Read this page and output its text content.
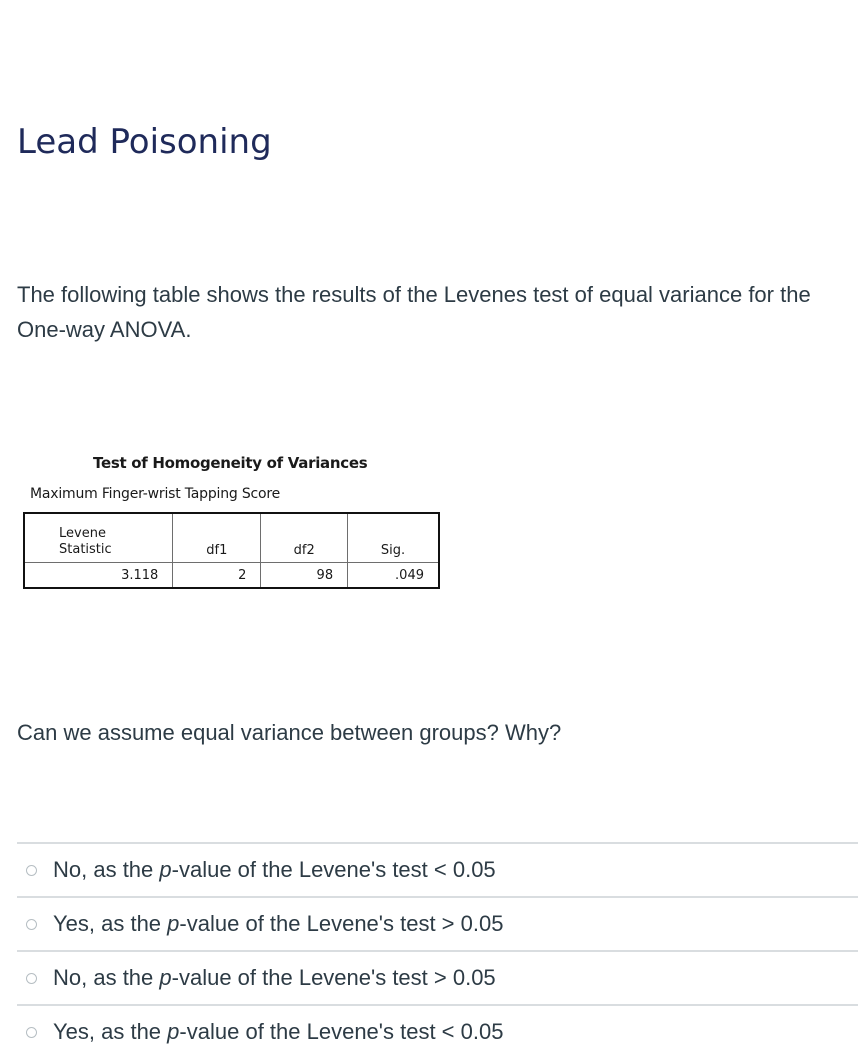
Lead Poisoning

The following table shows the results of the Levenes test of equal variance for the One-way ANOVA.

Test of Homogeneity of Variances
Maximum Finger-wrist Tapping Score
Levene
Statistic	df1	df2	Sig.
3.118	2	98	.049

Can we assume equal variance between groups? Why?

No, as the p-value of the Levene's test < 0.05
Yes, as the p-value of the Levene's test > 0.05
No, as the p-value of the Levene's test > 0.05
Yes, as the p-value of the Levene's test < 0.05
